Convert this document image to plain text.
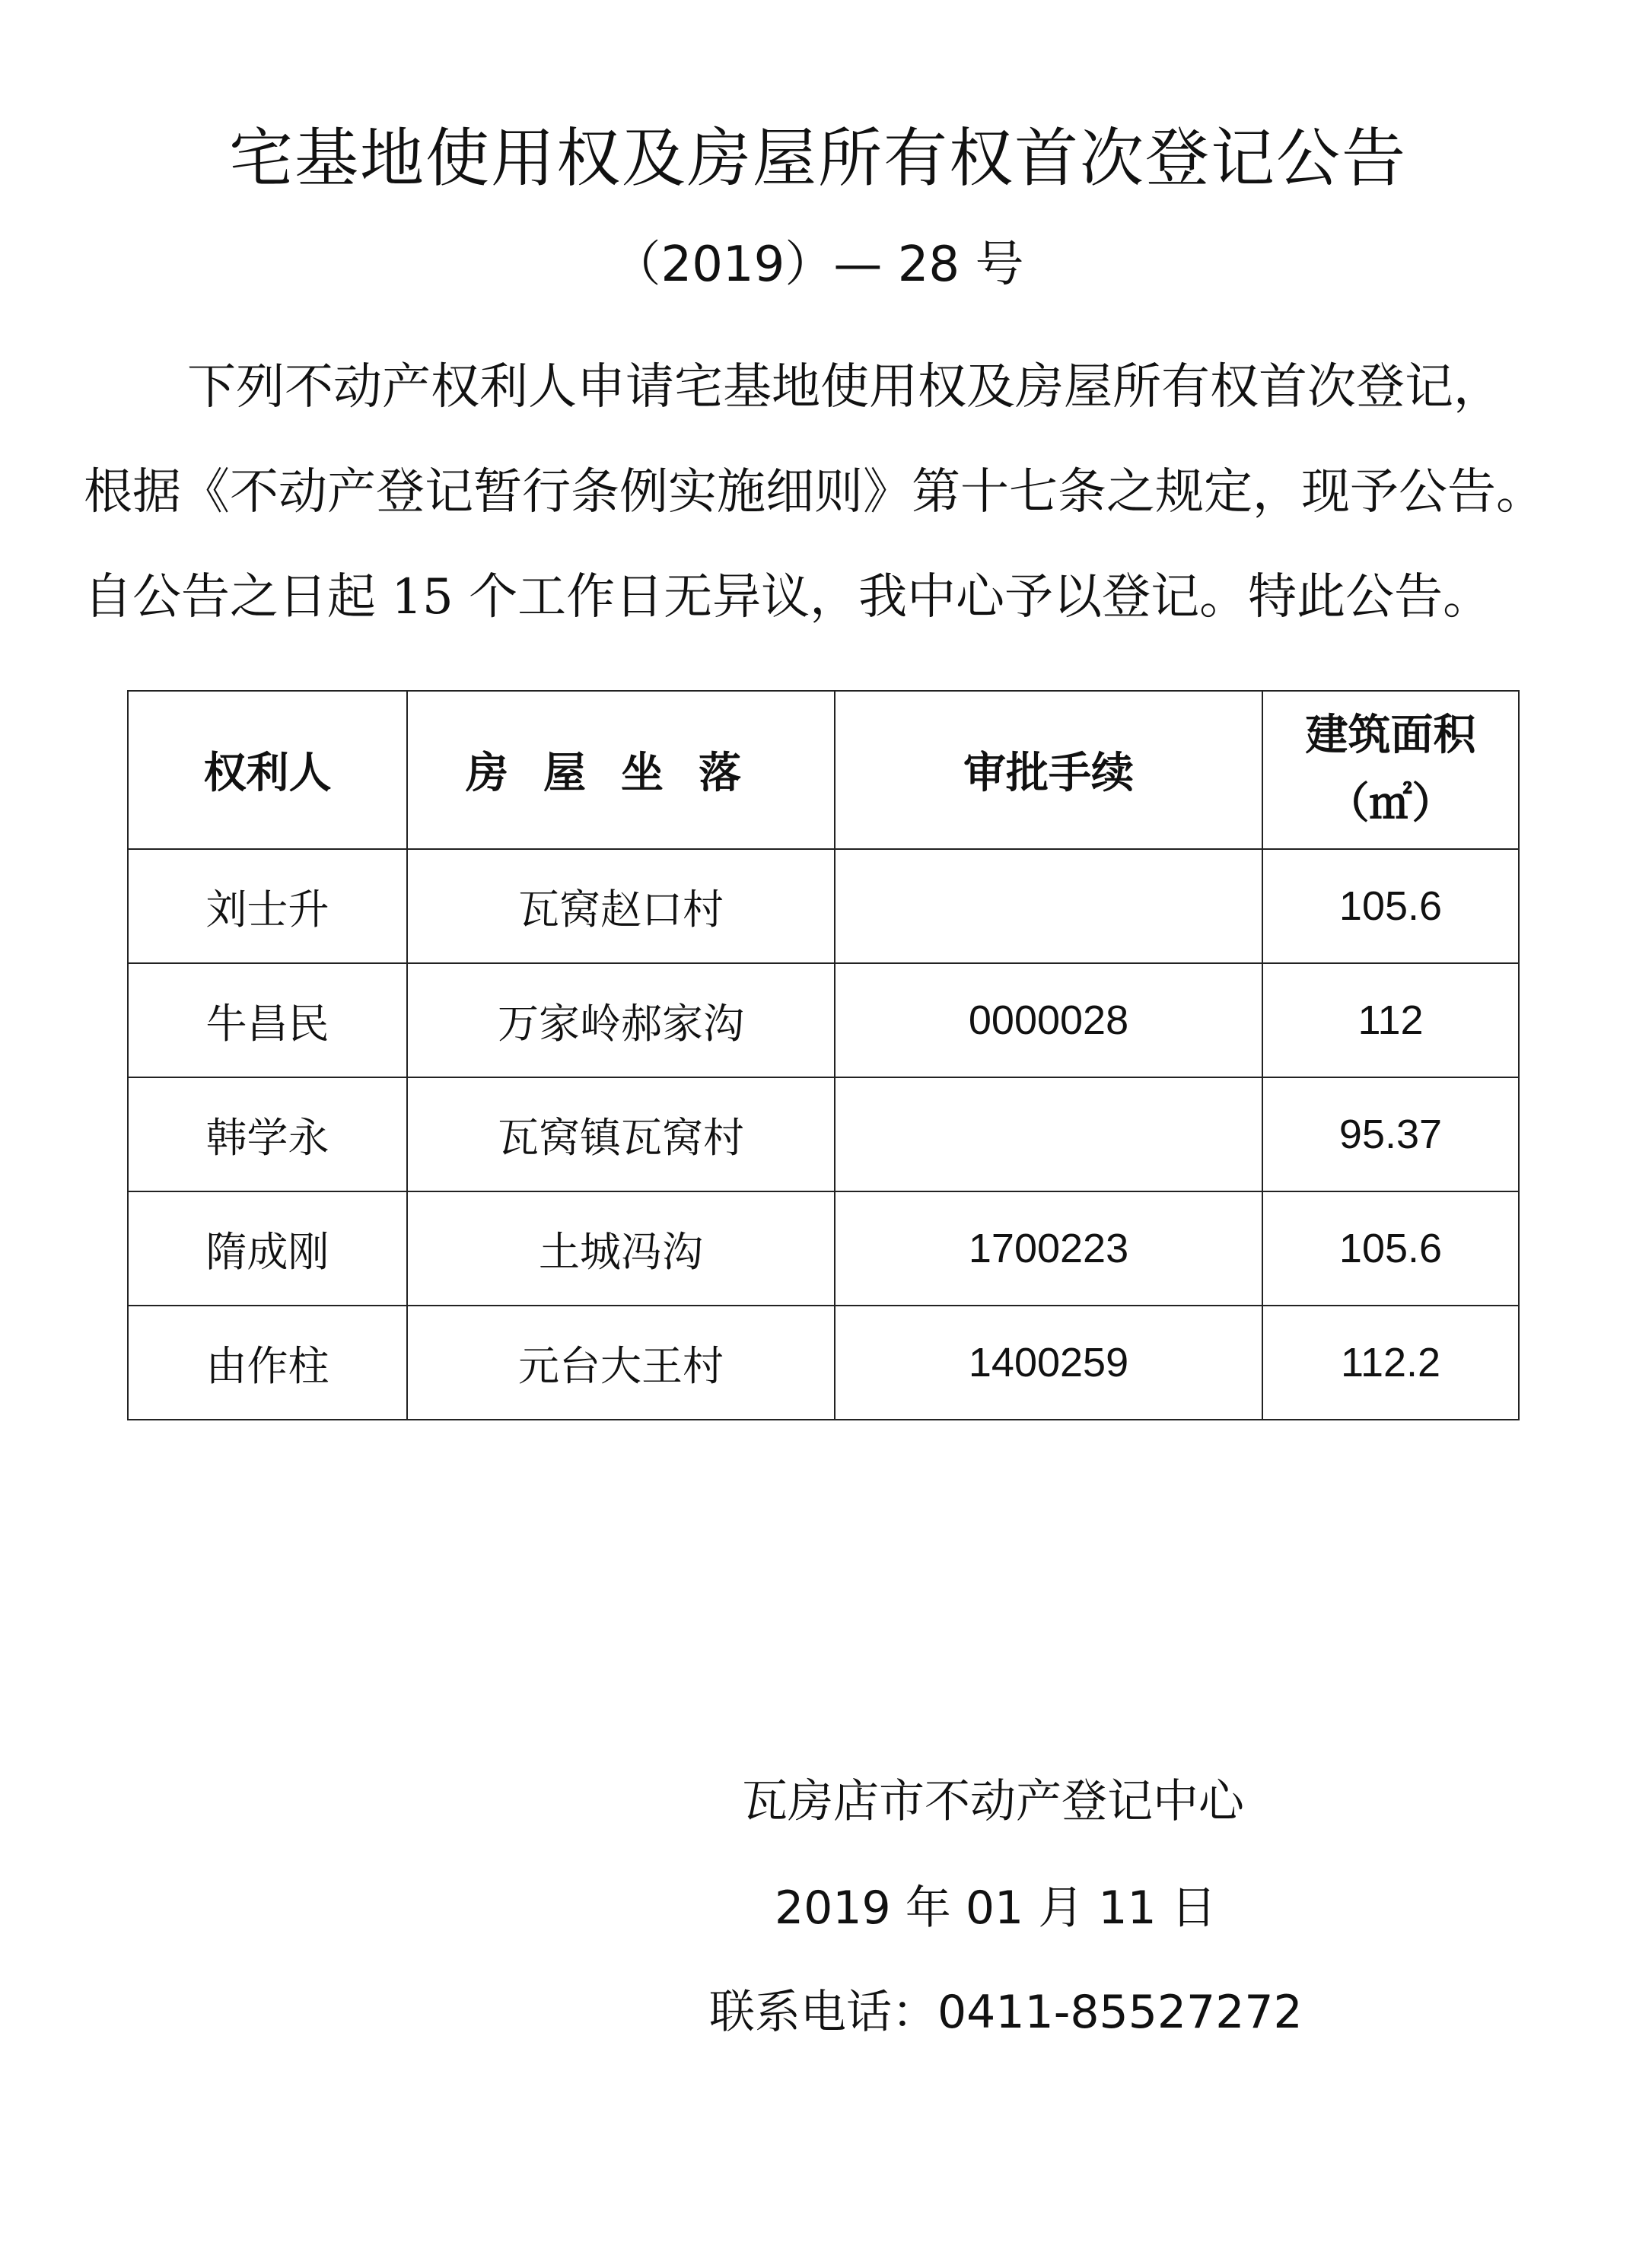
宅基地使用权及房屋所有权首次登记公告
（2019）— 28 号
下列不动产权利人申请宅基地使用权及房屋所有权首次登记，
根据《不动产登记暂行条例实施细则》第十七条之规定，现予公告。
自公告之日起 15 个工作日无异议，我中心予以登记。特此公告。
权利人	房屋坐落	审批手续	建筑面积
（㎡）

刘士升	瓦窝赵口村		105.6
牛昌民	万家岭郝家沟	0000028	112
韩学永	瓦窝镇瓦窝村		95.37
隋成刚	土城冯沟	1700223	105.6
由作柱	元台大王村	1400259	112.2
瓦房店市不动产登记中心
2019 年 01 月 11 日
联系电话：0411-85527272
